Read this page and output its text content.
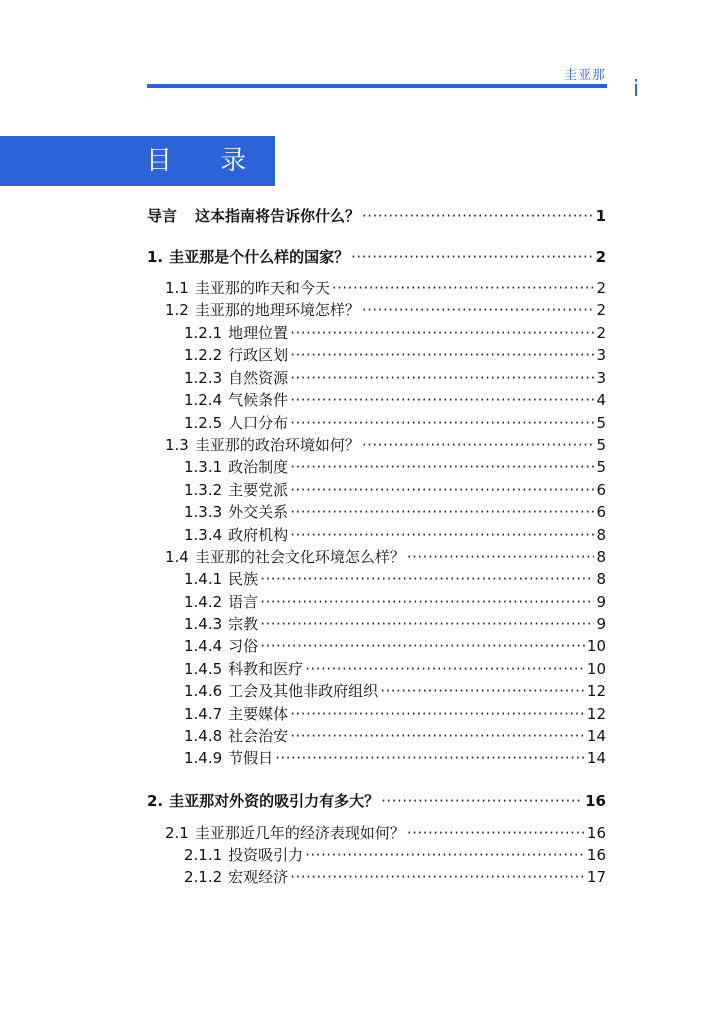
圭亚那
i
目 录
导言 这本指南将告诉你什么？ ·····	1
1. 圭亚那是个什么样的国家？ ·····	2
1.1 圭亚那的昨天和今天 ·····	2
1.2 圭亚那的地理环境怎样？ ·····	2
1.2.1 地理位置 ·····	2
1.2.2 行政区划 ·····	3
1.2.3 自然资源 ·····	3
1.2.4 气候条件 ·····	4
1.2.5 人口分布 ·····	5
1.3 圭亚那的政治环境如何？ ·····	5
1.3.1 政治制度 ·····	5
1.3.2 主要党派 ·····	6
1.3.3 外交关系 ·····	6
1.3.4 政府机构 ·····	8
1.4 圭亚那的社会文化环境怎么样？ ·····	8
1.4.1 民族 ·····	8
1.4.2 语言 ·····	9
1.4.3 宗教 ·····	9
1.4.4 习俗 ·····	10
1.4.5 科教和医疗 ·····	10
1.4.6 工会及其他非政府组织 ·····	12
1.4.7 主要媒体 ·····	12
1.4.8 社会治安 ·····	14
1.4.9 节假日 ·····	14
2. 圭亚那对外资的吸引力有多大？ ·····	16
2.1 圭亚那近几年的经济表现如何？ ·····	16
2.1.1 投资吸引力 ·····	16
2.1.2 宏观经济 ·····	17
